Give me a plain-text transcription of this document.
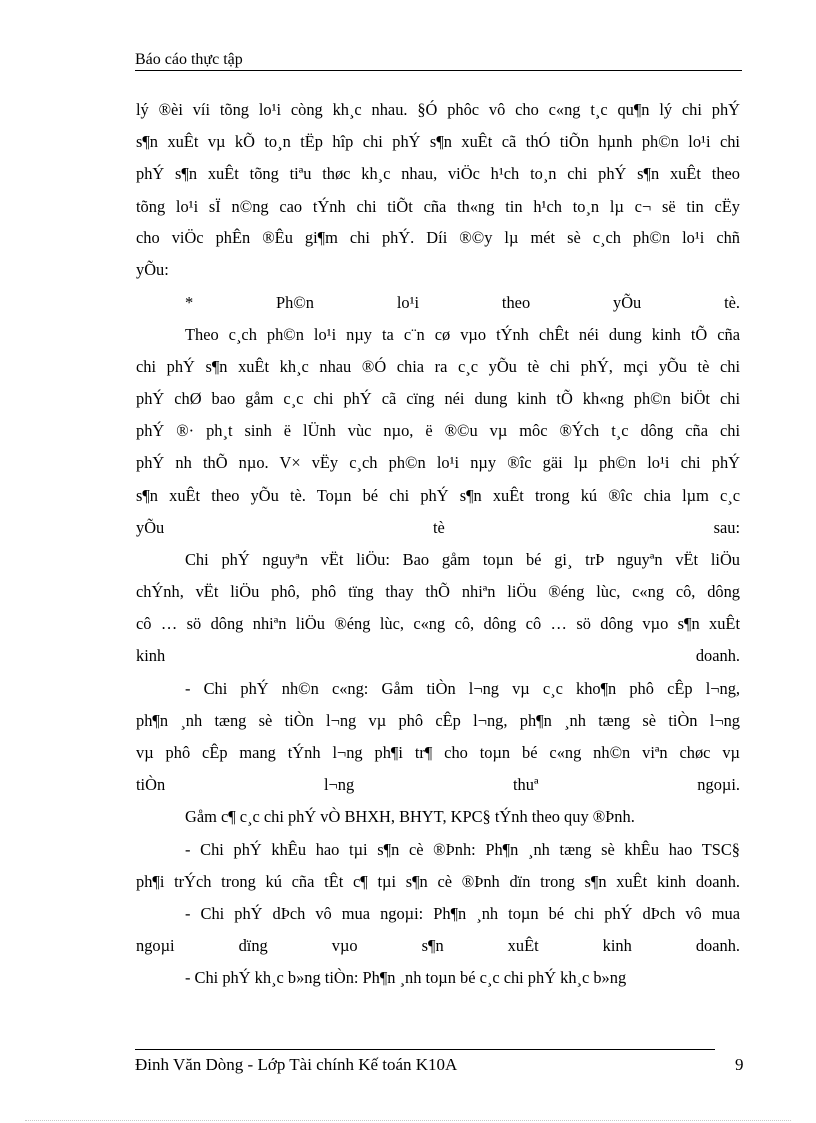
Báo cáo thực tập
lý ®èi víi tõng lo¹i còng kh¸c nhau. §Ó phôc vô cho c«ng t¸c qu¶n lý chi phÝ
s¶n xuÊt vµ kÕ to¸n tËp hîp chi phÝ s¶n xuÊt cã thÓ tiÕn hµnh ph©n lo¹i chi
phÝ s¶n xuÊt tõng tiªu thøc kh¸c nhau, viÖc h¹ch to¸n chi phÝ s¶n xuÊt theo
tõng lo¹i sÏ n©ng cao tÝnh chi tiÕt cña th«ng tin h¹ch to¸n lµ c¬ së tin cËy
cho viÖc phÊn ®Êu gi¶m chi phÝ. Díi ®©y lµ mét sè c¸ch ph©n lo¹i chñ
yÕu:
* Ph©n lo¹i theo yÕu tè.
Theo c¸ch ph©n lo¹i nµy ta c¨n cø vµo tÝnh chÊt néi dung kinh tÕ cña
chi phÝ s¶n xuÊt kh¸c nhau ®Ó chia ra c¸c yÕu tè chi phÝ, mçi yÕu tè chi
phÝ chØ bao gåm c¸c chi phÝ cã cïng néi dung kinh tÕ kh«ng ph©n biÖt chi
phÝ ®· ph¸t sinh ë lÜnh vùc nµo, ë ®©u vµ môc ®Ých t¸c dông cña chi
phÝ nh thÕ nµo. V× vËy c¸ch ph©n lo¹i nµy ®îc gäi lµ ph©n lo¹i chi phÝ
s¶n xuÊt theo yÕu tè. Toµn bé chi phÝ s¶n xuÊt trong kú ®îc chia lµm c¸c
yÕu tè sau:
Chi phÝ nguyªn vËt liÖu: Bao gåm toµn bé gi¸ trÞ nguyªn vËt liÖu
chÝnh, vËt liÖu phô, phô tïng thay thÕ nhiªn liÖu ®éng lùc, c«ng cô, dông
cô … sö dông nhiªn liÖu ®éng lùc, c«ng cô, dông cô … sö dông vµo s¶n xuÊt
kinh doanh.
- Chi phÝ nh©n c«ng: Gåm tiÒn l¬ng vµ c¸c kho¶n phô cÊp l¬ng,
ph¶n ¸nh tæng sè tiÒn l¬ng vµ phô cÊp l¬ng, ph¶n ¸nh tæng sè tiÒn l¬ng
vµ phô cÊp mang tÝnh l¬ng ph¶i tr¶ cho toµn bé c«ng nh©n viªn chøc vµ
tiÒn l¬ng thuª ngoµi.
Gåm c¶ c¸c chi phÝ vÒ BHXH, BHYT, KPC§ tÝnh theo quy ®Þnh.
- Chi phÝ khÊu hao tµi s¶n cè ®Þnh: Ph¶n ¸nh tæng sè khÊu hao TSC§
ph¶i trÝch trong kú cña tÊt c¶ tµi s¶n cè ®Þnh dïn trong s¶n xuÊt kinh doanh.
- Chi phÝ dÞch vô mua ngoµi: Ph¶n ¸nh toµn bé chi phÝ dÞch vô mua
ngoµi dïng vµo s¶n xuÊt kinh doanh.
- Chi phÝ kh¸c b»ng tiÒn: Ph¶n ¸nh toµn bé c¸c chi phÝ kh¸c b»ng
Đinh Văn Dòng - Lớp Tài chính Kế toán K10A	9
